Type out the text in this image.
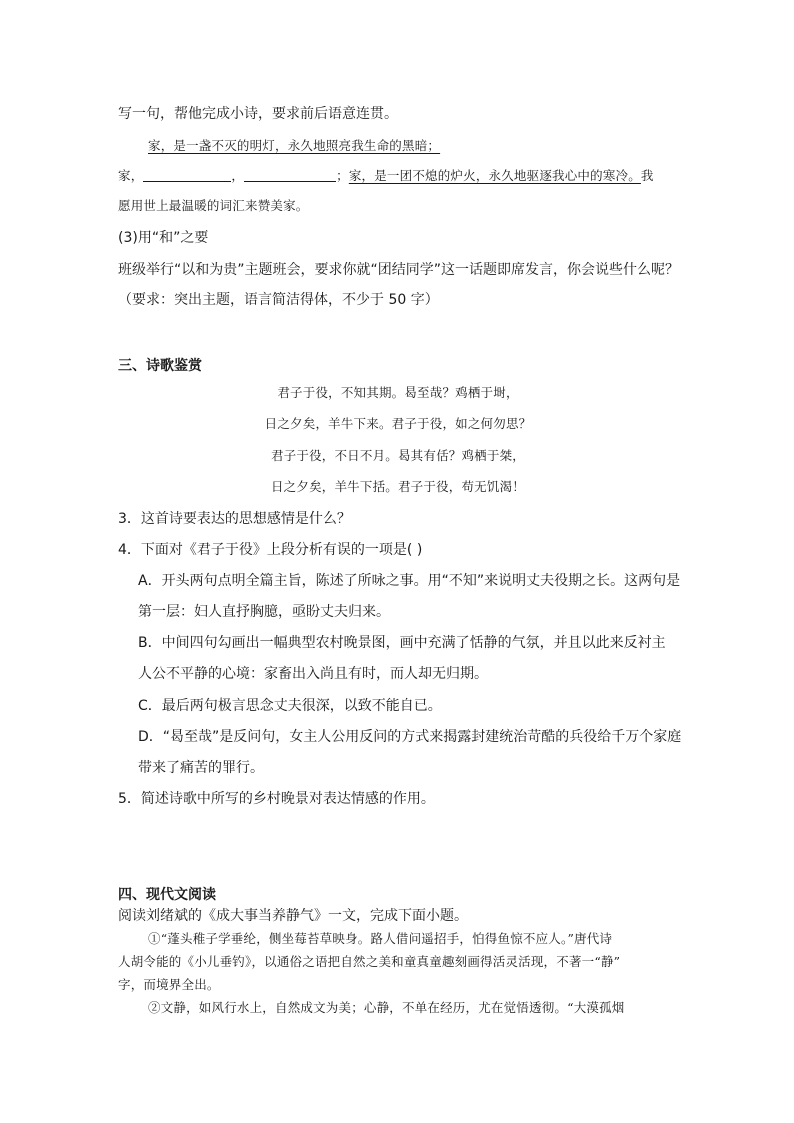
写一句，帮他完成小诗，要求前后语意连贯。
家，是一盏不灭的明灯，永久地照亮我生命的黑暗；
家，	，	；家，是一团不熄的炉火，永久地驱逐我心中的寒冷。我
愿用世上最温暖的词汇来赞美家。
(3)用“和”之要
班级举行“以和为贵”主题班会，要求你就“团结同学”这一话题即席发言，你会说些什么呢？
（要求：突出主题，语言简洁得体，不少于 50 字）
三、诗歌鉴赏
君子于役，不知其期。曷至哉？鸡栖于埘，
日之夕矣，羊牛下来。君子于役，如之何勿思？
君子于役，不日不月。曷其有佸？鸡栖于桀，
日之夕矣，羊牛下括。君子于役，苟无饥渴！
3．这首诗要表达的思想感情是什么？
4．下面对《君子于役》上段分析有误的一项是( )
A．开头两句点明全篇主旨，陈述了所咏之事。用“不知”来说明丈夫役期之长。这两句是
第一层：妇人直抒胸臆，亟盼丈夫归来。
B．中间四句勾画出一幅典型农村晚景图，画中充满了恬静的气氛，并且以此来反衬主
人公不平静的心境：家畜出入尚且有时，而人却无归期。
C．最后两句极言思念丈夫很深，以致不能自已。
D．“曷至哉”是反问句，女主人公用反问的方式来揭露封建统治苛酷的兵役给千万个家庭
带来了痛苦的罪行。
5．简述诗歌中所写的乡村晚景对表达情感的作用。
四、现代文阅读
阅读刘绪斌的《成大事当养静气》一文，完成下面小题。
①“蓬头稚子学垂纶，侧坐莓苔草映身。路人借问遥招手，怕得鱼惊不应人。”唐代诗
人胡令能的《小儿垂钓》，以通俗之语把自然之美和童真童趣刻画得活灵活现，不著一“静”
字，而境界全出。
②文静，如风行水上，自然成文为美；心静，不单在经历，尤在觉悟透彻。“大漠孤烟
